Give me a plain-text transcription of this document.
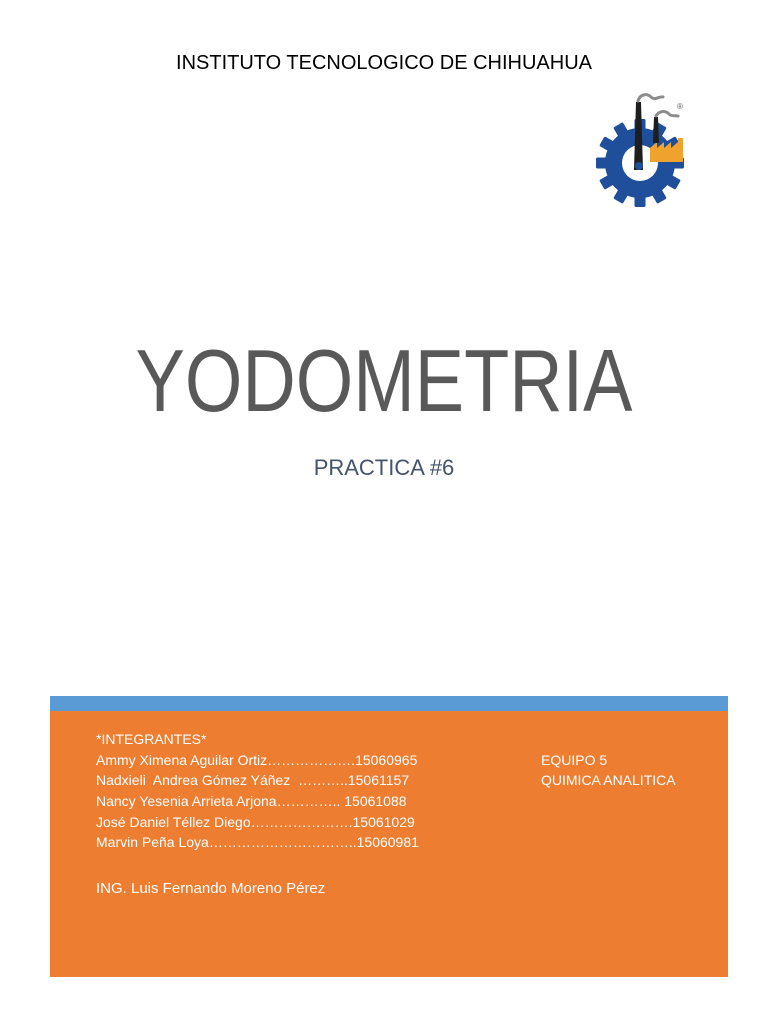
INSTITUTO TECNOLOGICO DE CHIHUAHUA
®
YODOMETRIA
PRACTICA #6
*INTEGRANTES*
Ammy Ximena Aguilar Ortiz……………….15060965
Nadxieli  Andrea Gómez Yáñez  ………..15061157
Nancy Yesenia Arrieta Arjona………….. 15061088
José Daniel Téllez Diego………………….15061029
Marvin Peña Loya…………………………..15060981
ING. Luis Fernando Moreno Pérez
EQUIPO 5
QUIMICA ANALITICA
